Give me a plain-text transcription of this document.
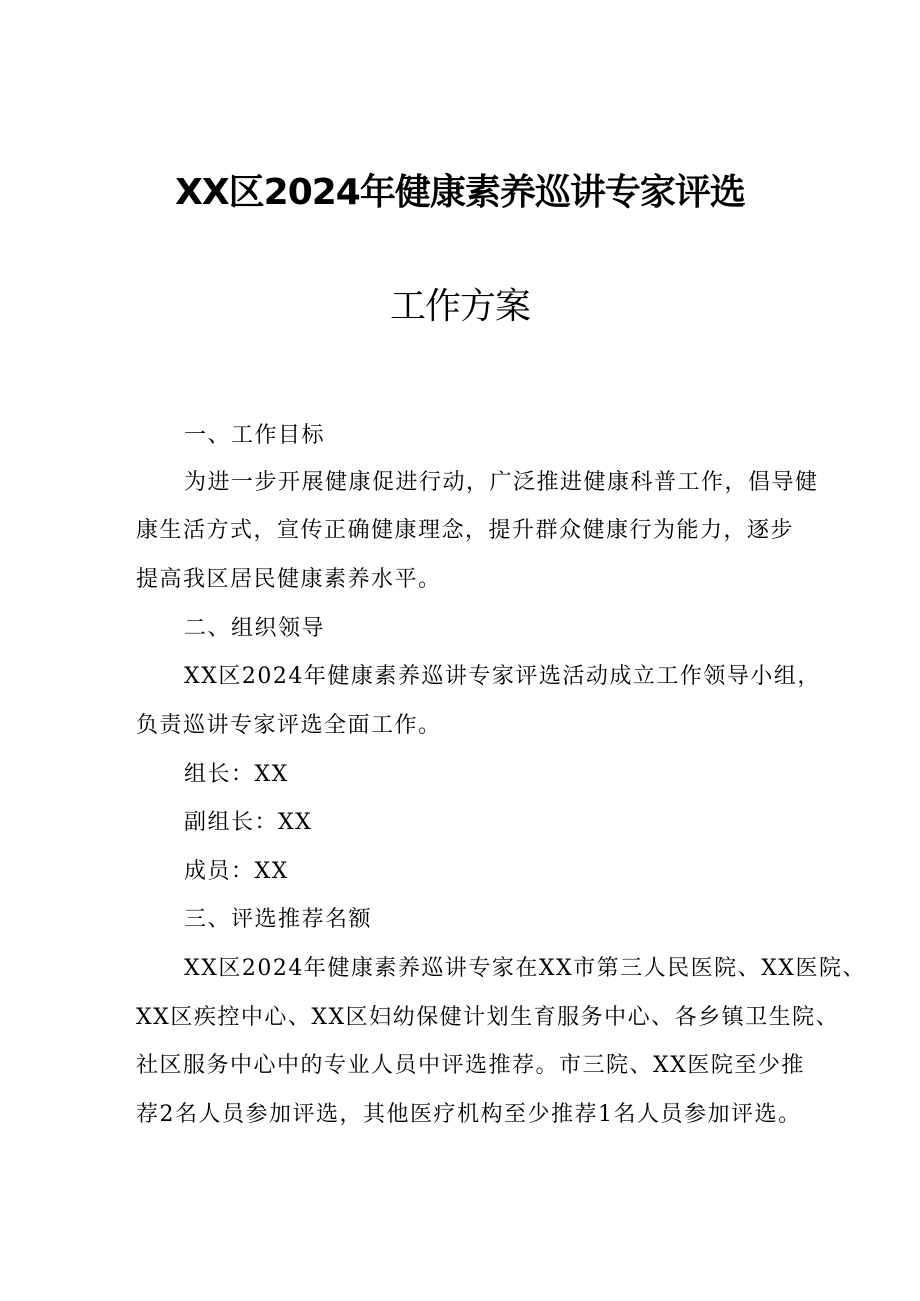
XX区2024年健康素养巡讲专家评选
工作方案
一、工作目标
为进一步开展健康促进行动，广泛推进健康科普工作，倡导健
康生活方式，宣传正确健康理念，提升群众健康行为能力，逐步
提高我区居民健康素养水平。
二、组织领导
XX区2024年健康素养巡讲专家评选活动成立工作领导小组，
负责巡讲专家评选全面工作。
组长：XX
副组长：XX
成员：XX
三、评选推荐名额
XX区2024年健康素养巡讲专家在XX市第三人民医院、XX医院、
XX区疾控中心、XX区妇幼保健计划生育服务中心、各乡镇卫生院、
社区服务中心中的专业人员中评选推荐。市三院、XX医院至少推
荐2名人员参加评选，其他医疗机构至少推荐1名人员参加评选。
